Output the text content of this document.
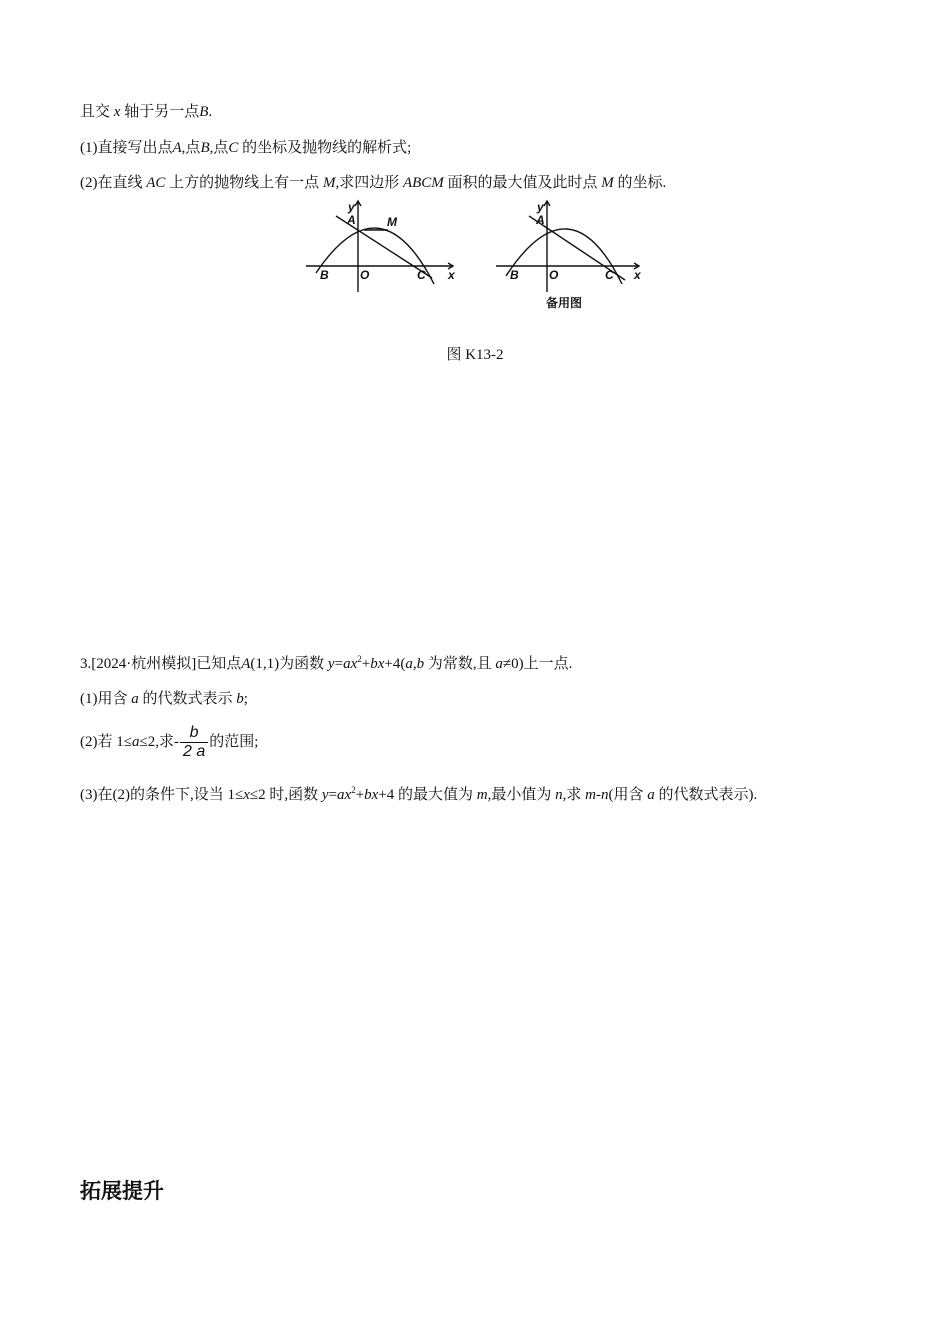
且交 x 轴于另一点B.
(1)直接写出点A,点B,点C 的坐标及抛物线的解析式;
(2)在直线 AC 上方的抛物线上有一点 M,求四边形 ABCM 面积的最大值及此时点 M 的坐标.
y
A	M
B	O	C x
y
A
B	O	C x
备用图
图 K13-2
3.[2024·杭州模拟]已知点A(1,1)为函数 $y=ax^2+bx+4(a,b$ 为常数,且 a≠0)上一点.
(1)用含 a 的代数式表示 b;
(2)若 1≤a≤2,求- $\frac{b}{2 a}$ 的范围;
(3)在(2)的条件下,设当 1≤x≤2 时,函数 $y=ax^2+bx+4$ 的最大值为 m,最小值为 n,求 m-n(用含 a 的代数式表示).
拓展提升
